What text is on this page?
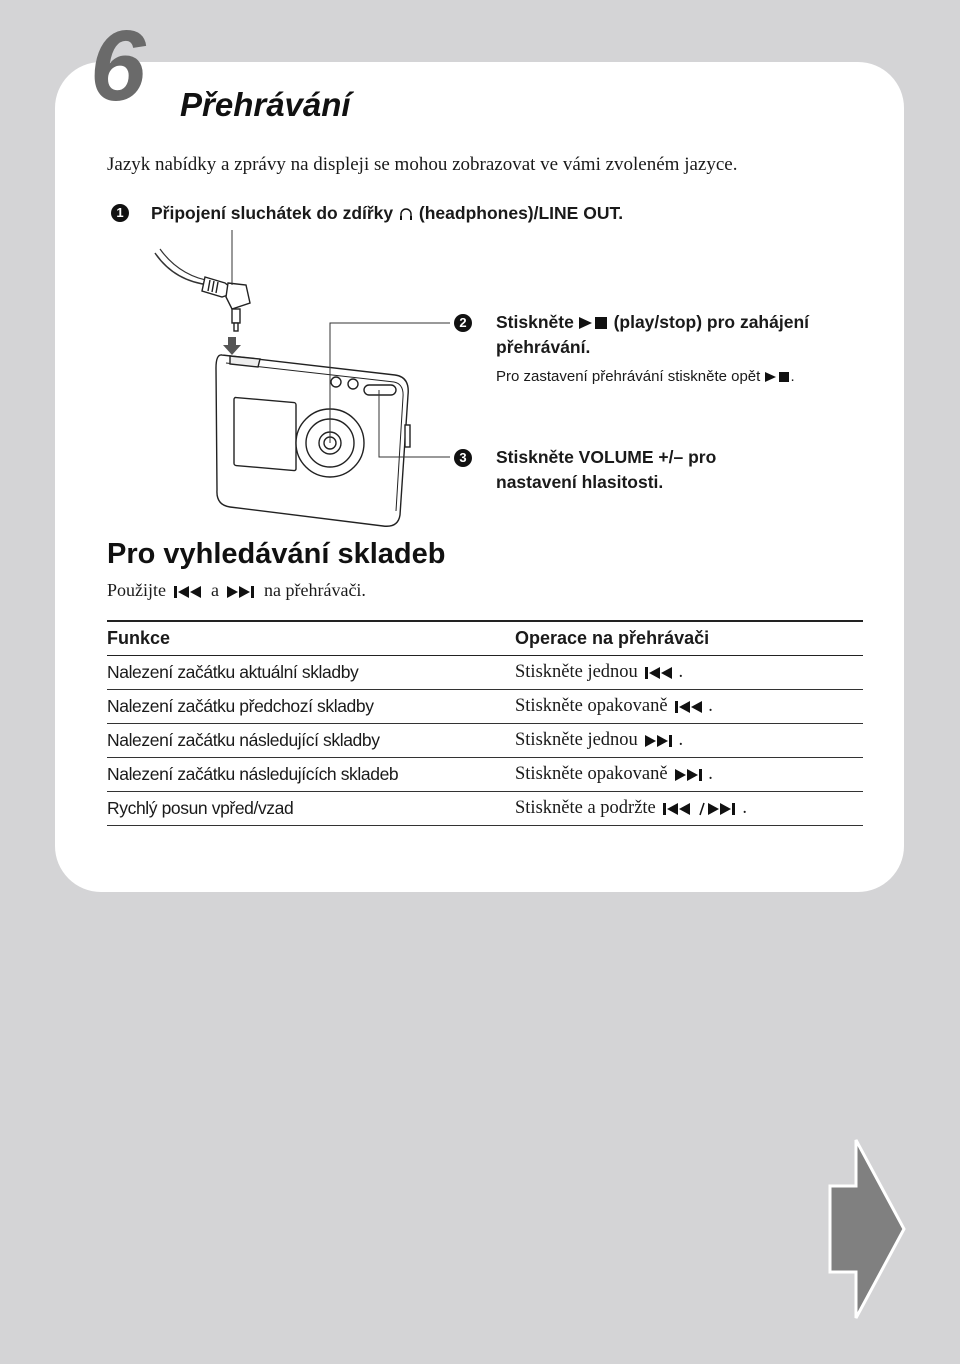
6 Přehrávání
Jazyk nabídky a zprávy na displeji se mohou zobrazovat ve vámi zvoleném jazyce.
1	Připojení sluchátek do zdířky (headphones)/LINE OUT.
2	Stiskněte (play/stop) pro zahájení
přehrávání.
Pro zastavení přehrávání stiskněte opět .
3	Stiskněte VOLUME +/– pro
nastavení hlasitosti.
Pro vyhledávání skladeb
Použijte	a	na přehrávači.
Funkce	Operace na přehrávači
Nalezení začátku aktuální skladby	Stiskněte jednou .
Nalezení začátku předchozí skladby	Stiskněte opakovaně .
Nalezení začátku následující skladby	Stiskněte jednou .
Nalezení začátku následujících skladeb	Stiskněte opakovaně .
Rychlý posun vpřed/vzad	Stiskněte a podržte .
